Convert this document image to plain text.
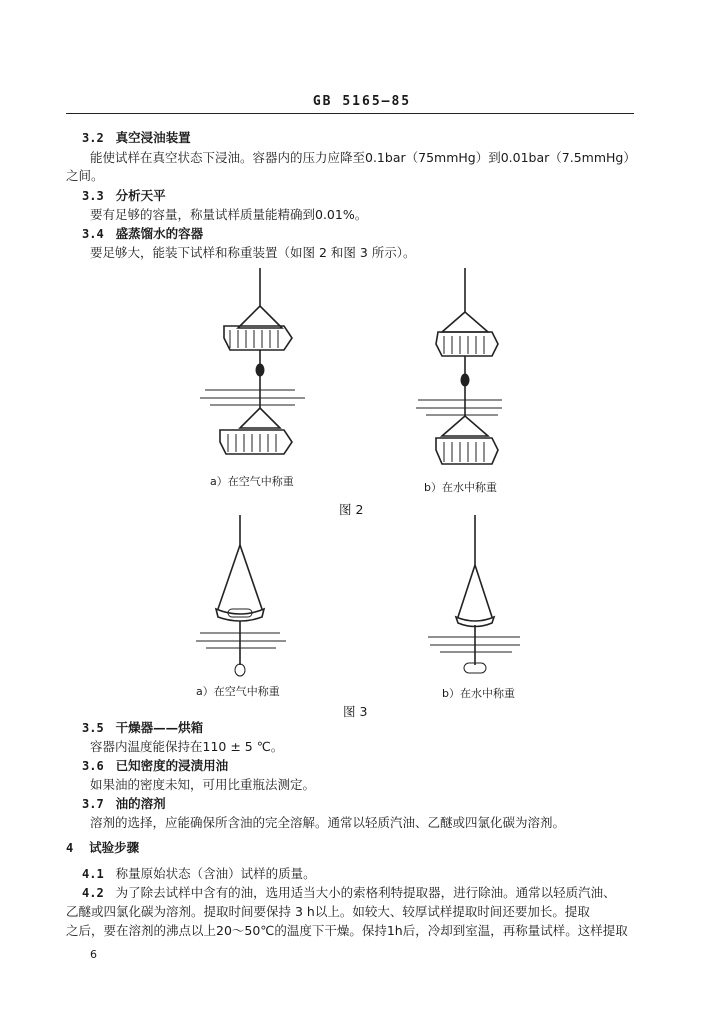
GB 5165—85
3.2 真空浸油装置
能使试样在真空状态下浸油。容器内的压力应降至0.1bar（75mmHg）到0.01bar（7.5mmHg）
之间。
3.3 分析天平
要有足够的容量，称量试样质量能精确到0.01%。
3.4 盛蒸馏水的容器
要足够大，能装下试样和称重装置（如图 2 和图 3 所示）。
a）在空气中称重	b）在水中称重
图 2
a）在空气中称重	b）在水中称重
图 3
3.5 干燥器——烘箱
容器内温度能保持在110 ± 5 ℃。
3.6 已知密度的浸渍用油
如果油的密度未知，可用比重瓶法测定。
3.7 油的溶剂
溶剂的选择，应能确保所含油的完全溶解。通常以轻质汽油、乙醚或四氯化碳为溶剂。
4 试验步骤
4.1 称量原始状态（含油）试样的质量。
4.2 为了除去试样中含有的油，选用适当大小的索格利特提取器，进行除油。通常以轻质汽油、
乙醚或四氯化碳为溶剂。提取时间要保持 3 h以上。如较大、较厚试样提取时间还要加长。提取
之后，要在溶剂的沸点以上20～50℃的温度下干燥。保持1h后，冷却到室温，再称量试样。这样提取
6
